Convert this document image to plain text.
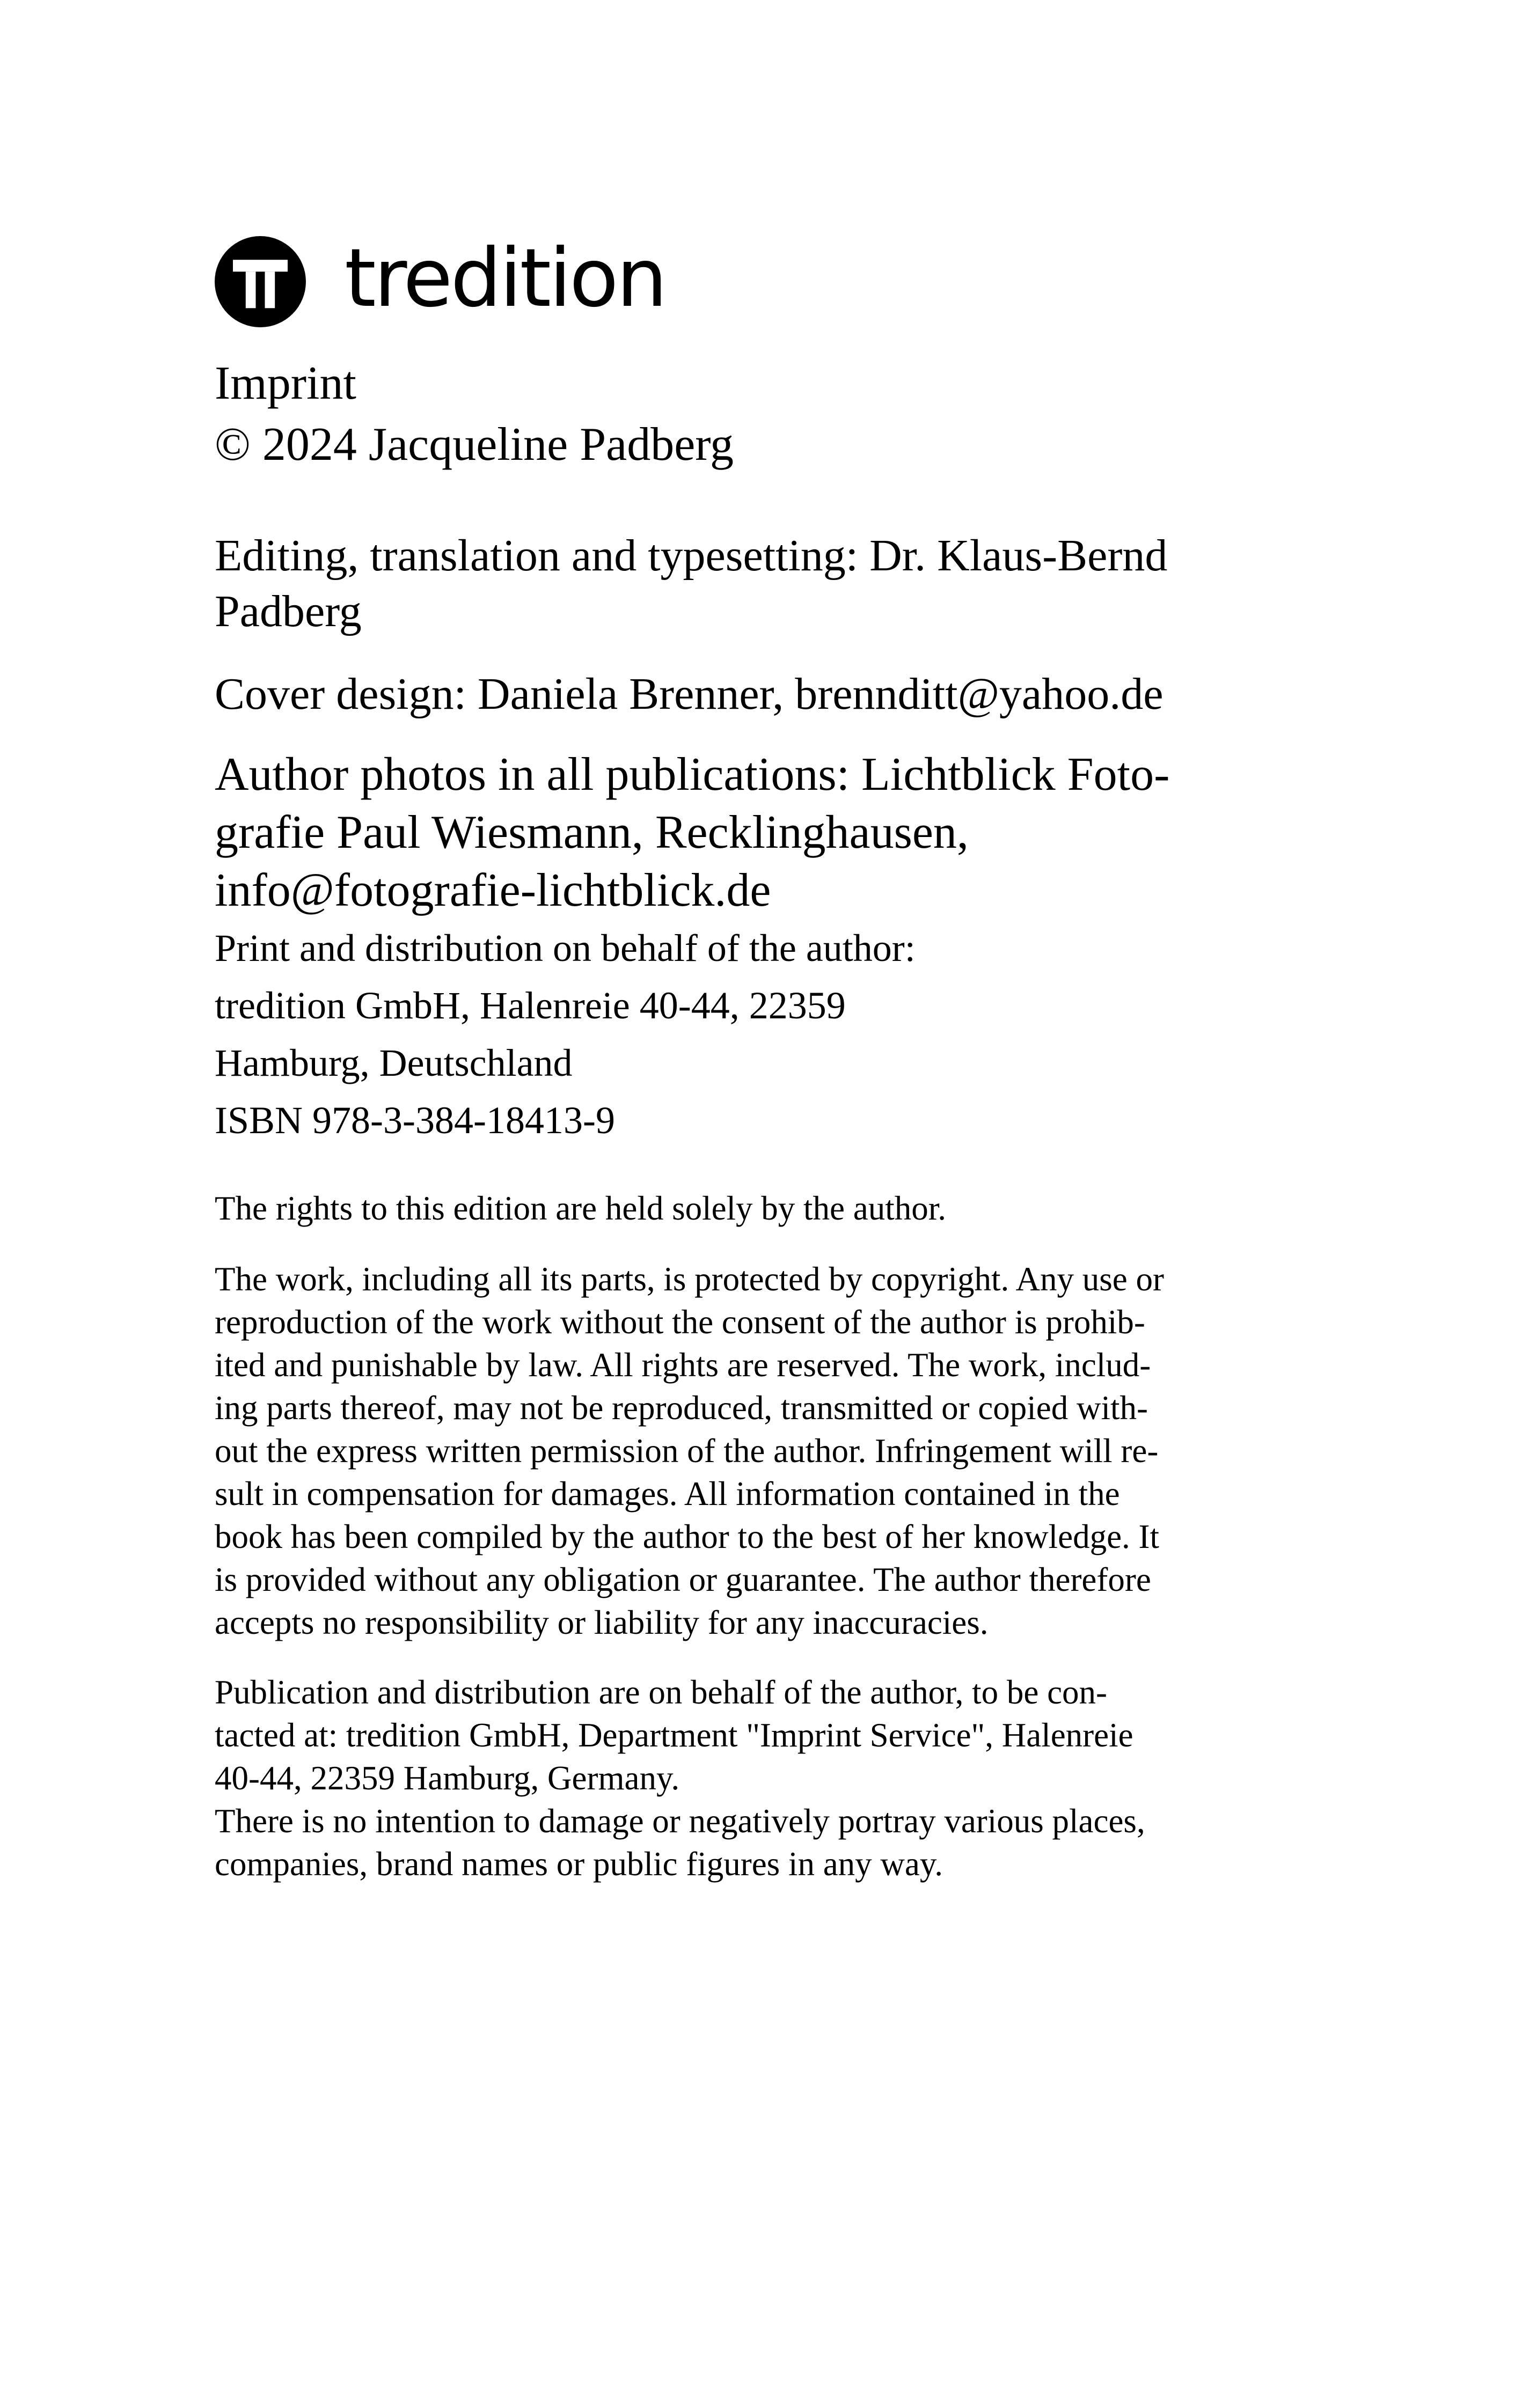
tredition
Imprint
© 2024 Jacqueline Padberg
Editing, translation and typesetting: Dr. Klaus-Bernd
Padberg
Cover design: Daniela Brenner, brennditt@yahoo.de
Author photos in all publications: Lichtblick Foto-
grafie Paul Wiesmann, Recklinghausen,
info@fotografie-lichtblick.de
Print and distribution on behalf of the author:
tredition GmbH, Halenreie 40-44, 22359
Hamburg, Deutschland
ISBN 978-3-384-18413-9
The rights to this edition are held solely by the author.
The work, including all its parts, is protected by copyright. Any use or
reproduction of the work without the consent of the author is prohib-
ited and punishable by law. All rights are reserved. The work, includ-
ing parts thereof, may not be reproduced, transmitted or copied with-
out the express written permission of the author. Infringement will re-
sult in compensation for damages. All information contained in the
book has been compiled by the author to the best of her knowledge. It
is provided without any obligation or guarantee. The author therefore
accepts no responsibility or liability for any inaccuracies.
Publication and distribution are on behalf of the author, to be con-
tacted at: tredition GmbH, Department "Imprint Service", Halenreie
40-44, 22359 Hamburg, Germany.
There is no intention to damage or negatively portray various places,
companies, brand names or public figures in any way.
